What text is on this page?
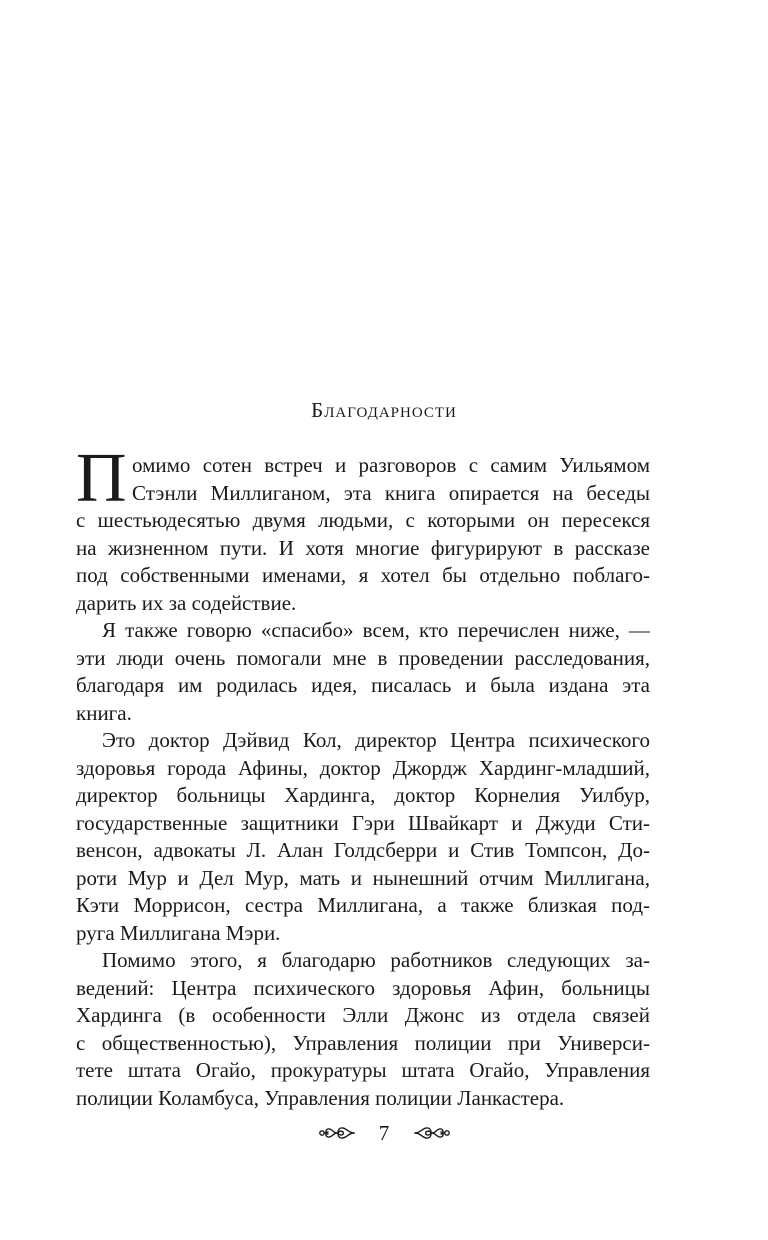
Благодарности
П омимо сотен встреч и разговоров с самим Уильямом
Стэнли Миллиганом, эта книга опирается на беседы
с шестьюдесятью двумя людьми, с которыми он пересекся
на жизненном пути. И хотя многие фигурируют в рассказе
под собственными именами, я хотел бы отдельно поблаго-
дарить их за содействие.
Я также говорю «спасибо» всем, кто перечислен ниже, —
эти люди очень помогали мне в проведении расследования,
благодаря им родилась идея, писалась и была издана эта
книга.
Это доктор Дэйвид Кол, директор Центра психического
здоровья города Афины, доктор Джордж Хардинг-младший,
директор больницы Хардинга, доктор Корнелия Уилбур,
государственные защитники Гэри Швайкарт и Джуди Сти-
венсон, адвокаты Л. Алан Голдсберри и Стив Томпсон, До-
роти Мур и Дел Мур, мать и нынешний отчим Миллигана,
Кэти Моррисон, сестра Миллигана, а также близкая под-
руга Миллигана Мэри.
Помимо этого, я благодарю работников следующих за-
ведений: Центра психического здоровья Афин, больницы
Хардинга (в особенности Элли Джонс из отдела связей
с общественностью), Управления полиции при Универси-
тете штата Огайо, прокуратуры штата Огайо, Управления
полиции Коламбуса, Управления полиции Ланкастера.
7
